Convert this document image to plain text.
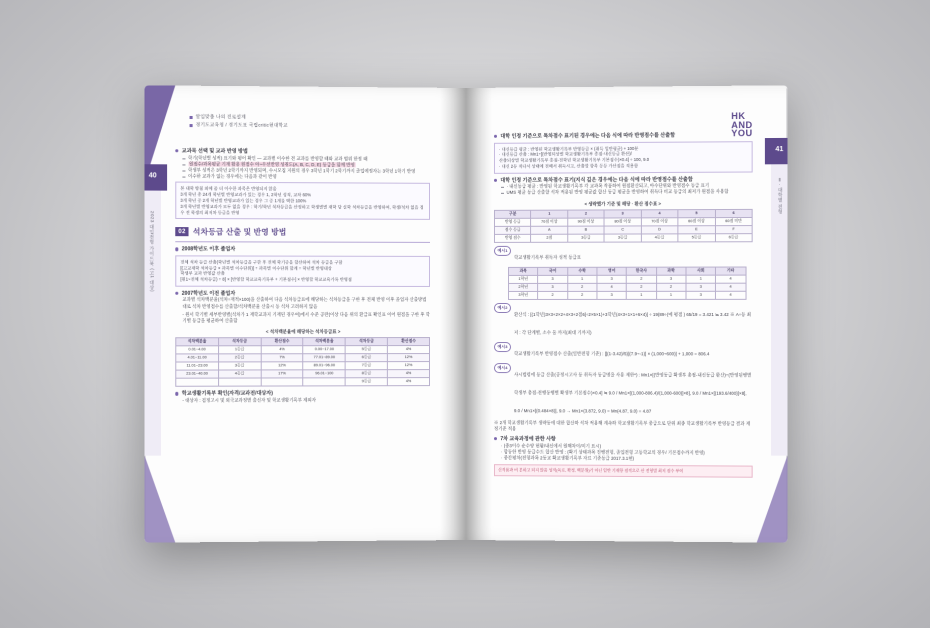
40
2023 대입전형 가이드북 (고1 대상)
알입맞춤 나의 진로설계
경기도교육청 / 경기도표 국립critic현대학교
교과목 선택 및 교과 반영 방법
학기(학년별 성적) 표기와 평어 확인 — 교과별 이수한 전 교과를 반영할 때와 교과 범위 한정 때
원점수/과목평균 기재 활용 원점수 아~우선반영 성취도(A, B, C, D, E) 등급을 함께 반영
학생부 성적은 3학년 2학기까지 반영되며, 수시모집 지원의 경우 3학년 1학기 2학기까지 졸업예정자는 3학년 1학기 반영
이수한 교과가 없는 경우에는 다음과 같이 반영
본 대학 방침 외에 좀 더 이수한 과목은 반영되지 않음
3개 학년 총 24개 학년별 반영교과가 있는 경우 1, 2학년 성적, 교차 60%
3개 학년 중 2개 학년별 반영교과가 있는 경우 그 중 1개를 택한 100%
3개 학년별 반영교과가 모두 없을 경우 : 학기/학년 석차등급을 산정하고 학생별별 재학 당 실학 석차등급을 반영하여, 학생/석차 없을 경우 전 학생의 최저차 등급을 반영
02 석차등급 산출 및 반영 방법
2008학년도 이후 졸업자
전체 석차 등급 산출(학년별 석차등급을 구한 후 전체 학기중을 합산하여 석차 등급을 구함
[(고교재학 석차등급 × 과목별 이수단위)] ÷ 과목별 이수단위 합계 ÷ 학년별 반영대상
학생부 교과 반영값 산출
[원1~전체 석차등급) ÷ 8] × [반영할 학교교육기록부 + 기본점수] × 반영할 학교교육가록 반영점
2007학년도 이전 졸업자
교과별 석차백분율(석차÷재적×100)을 산출하여 다음 석차등급표에 해당하는 석차등급을 구한 후 전체 반영 이후 졸업자 산출방법대로 석차 반영점수를 산출할/석차백분율 산출시 동 석차 고려하지 않음
- 원서 학기별 세부반영별(석차가 1 재학교과지 기재된 경우여)에서 수준 공란(이상 다음 위의 환급표 확인표 이어 원점을 구한 후 학기별 등급을 평균하여 산출함
< 석차백분율에 해당하는 석차등급표 >
석차백분율	석차등급	환산점수	석차백분율	석차등급	환산점수
0.01~4.00	1등급	4%	0.00~17.00	5등급	4%
4.01~11.00	2등급	7%	77.01~89.00	6등급	12%
11.01~23.00	3등급	12%	89.01~96.00	7등급	12%
23.01~40.00	4등급	17%	96.01~100	8등급	4%
				9등급	4%
학교생활기록부 확인(자격/교과전/대상자)
- 대상자 : 검정고시 및 외국교과정별 출신자 및 학교생활기록부 제외자
41
Ⅱ. 대학별 전형
HK
AND
YOU
대학 인정 기준으로 특차점수 표기된 경우에는 다음 식에 따라 반영점수를 산출함
· 내신등급 평균 : 반영된 학교생활기록부 반영등급 × (취득 일반평균) + 100분
· 내신등급 산출 : Mn1÷[(반영되상별 학교생활기록부 총점-내신등급 환산)/
산출되상별 학교생활기록부 총점-전학년 학교생활기록부 기본점수)×0.4] ÷ 100, 9.0
· 내신 2등 적다서 상태에 전해서 취득시고, 산출할 항목 동등 가산점을 적용함
대학 인정 기준으로 특차점수 표기(지식 깊은 경우에는 다음 식에 따라 반영점수를 산출함
· 내신등급 평균 : 반영된 학교생활기록부 각 교과목 작품하여 원점환산되고, 아수단위와 반영점수 동급 표기
UMS 평균 등급 산출할 석차 적용된 반영 평균값 합산 등급 평균을 반영하여 취득다 비교 등급의 최저가 원점을 사용함
< 생략했가 기준 및 해당 · 환산 점수표 >
구분	1	2	3	4	5	6
반영 등급	70점 이상	90점 이상	80점 이상	70점 이상	60점 이상	60점 미만
점수 등급	A	B	C	D	E	F
반영 점수	2점	3등급	3등급	4등급	5등급	6등급
예시1
학교생활기록부 취득자 성적 등급표
과목	국어	수학	영어	한국사	과학	사회	기타
1학년	3	1	3	2	3	1	4
2학년	3	2	4	2	2	3	4
3학년	2	2	3	1	1	3	4
예시2
환산식 : [(1학년)3×3+2×2+4×3+2점6]÷2×5×1)+3학년(4×3+1×1+6×4)] ÷ 19(89÷(예 평점 ) 65/19 = 3.421 ≒ 3.42 ※ A÷등 최저 : 각 단계별, 소수 둘 까지(최대 기까지)
예시3
학교생활기록부 반영점수 산출(일반전형 기준) : [[(1-3.42)/5)](7.9~-1)] × (1,000~600)] + 1,000 = 806.4
예시4
사시법령에 등급 산출(공정시고사 등 취득자 등급명을 사용 제한*) : Mn1×[(반영등급 확생부 총점-내신등급 환산)÷(반영된행별 학생부 총점-전행동행별 확생부 기본점수)×0.4] ≒ 9.0 / Mn1×[(1,000-806.4)/(1,000-600)]×8], 9.0 / Mn1×[(193.6/400)]×8], 9.0 / Mn1×[(0.484×8)], 9.0 → Mn1×(3.872, 9.0) = Mn(4.87, 9.0) = 4.87
※ 2개 학교생활기록부 생략등에 대한 합산하 석차 적용해 계속하 학교생활기록부 중급으로 단위 최종 학교생활기록부 반영등급 결과 재정기준 적용
7차 교육과정에 관한 사항
· (중3이수 순수양 현황/내신에서 원해차이/미기 표시)
· 합동한 반영 등급수도 합산 반영 : (확기 상태과목 진행전형, 졸업전형 고등학교의 경우/ 기본점수까지 반영)
· 중간평차(전형과목 2등교 확교생활기록부 자료 기준등급 2017.3.1현)
신적품과 비 분하고 되지 않음 성적(독로, 확정, 백분위)가 아닌 일반 기재항 점적으로 산 전형별 최저 점수 부여
